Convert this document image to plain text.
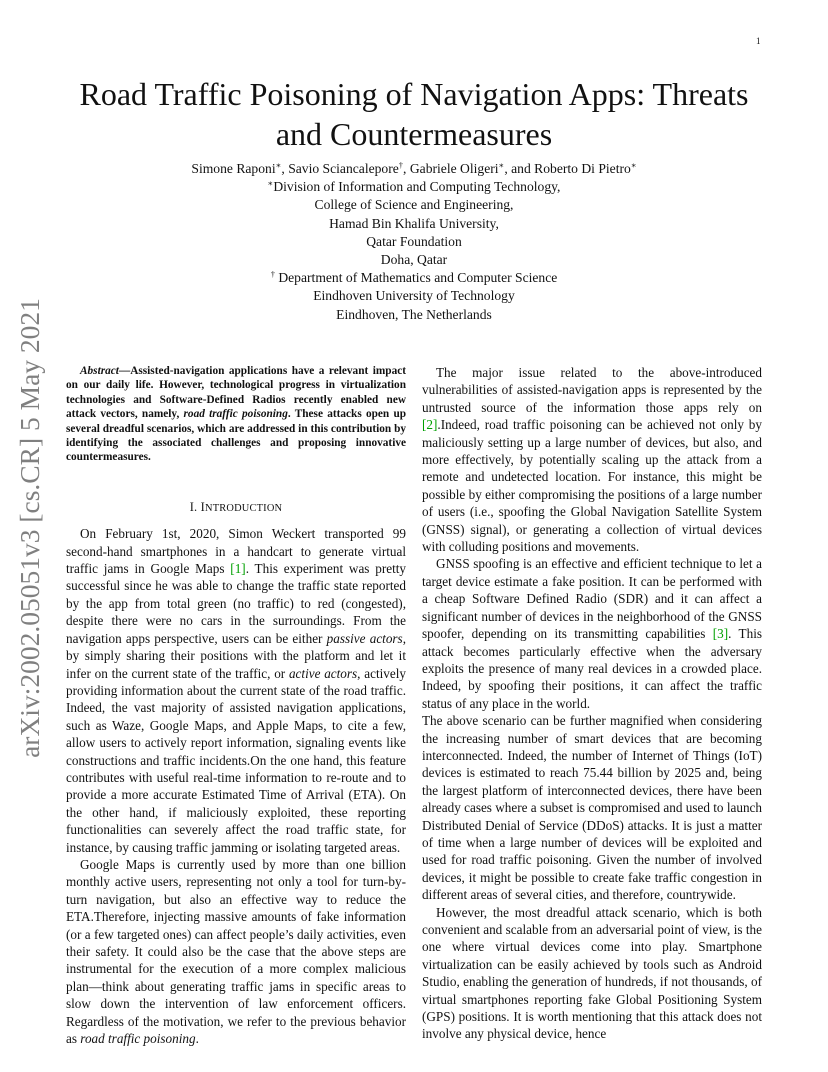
1
arXiv:2002.05051v3 [cs.CR] 5 May 2021
Road Traffic Poisoning of Navigation Apps: Threats
and Countermeasures
Simone Raponi∗, Savio Sciancalepore†, Gabriele Oligeri∗, and Roberto Di Pietro∗
∗Division of Information and Computing Technology,
College of Science and Engineering,
Hamad Bin Khalifa University,
Qatar Foundation
Doha, Qatar
† Department of Mathematics and Computer Science
Eindhoven University of Technology
Eindhoven, The Netherlands

Abstract—Assisted-navigation applications have a relevant impact on our daily life. However, technological progress in virtualization technologies and Software-Defined Radios recently enabled new attack vectors, namely, road traffic poisoning. These attacks open up several dreadful scenarios, which are addressed in this contribution by identifying the associated challenges and proposing innovative countermeasures.

I. INTRODUCTION

On February 1st, 2020, Simon Weckert transported 99 second-hand smartphones in a handcart to generate virtual traffic jams in Google Maps [1]. This experiment was pretty successful since he was able to change the traffic state reported by the app from total green (no traffic) to red (congested), despite there were no cars in the surroundings. From the navigation apps perspective, users can be either passive actors, by simply sharing their positions with the platform and let it infer on the current state of the traffic, or active actors, actively providing information about the current state of the road traffic. Indeed, the vast majority of assisted navigation applications, such as Waze, Google Maps, and Apple Maps, to cite a few, allow users to actively report information, signaling events like constructions and traffic incidents.On the one hand, this feature contributes with useful real-time information to re-route and to provide a more accurate Estimated Time of Arrival (ETA). On the other hand, if maliciously exploited, these reporting functionalities can severely affect the road traffic state, for instance, by causing traffic jamming or isolating targeted areas.

Google Maps is currently used by more than one billion monthly active users, representing not only a tool for turn-by-turn navigation, but also an effective way to reduce the ETA.Therefore, injecting massive amounts of fake information (or a few targeted ones) can affect people’s daily activities, even their safety. It could also be the case that the above steps are instrumental for the execution of a more complex malicious plan—think about generating traffic jams in specific areas to slow down the intervention of law enforcement officers. Regardless of the motivation, we refer to the previous behavior as road traffic poisoning.

The major issue related to the above-introduced vulnerabilities of assisted-navigation apps is represented by the untrusted source of the information those apps rely on [2].Indeed, road traffic poisoning can be achieved not only by maliciously setting up a large number of devices, but also, and more effectively, by potentially scaling up the attack from a remote and undetected location. For instance, this might be possible by either compromising the positions of a large number of users (i.e., spoofing the Global Navigation Satellite System (GNSS) signal), or generating a collection of virtual devices with colluding positions and movements.

GNSS spoofing is an effective and efficient technique to let a target device estimate a fake position. It can be performed with a cheap Software Defined Radio (SDR) and it can affect a significant number of devices in the neighborhood of the GNSS spoofer, depending on its transmitting capabilities [3]. This attack becomes particularly effective when the adversary exploits the presence of many real devices in a crowded place. Indeed, by spoofing their positions, it can affect the traffic status of any place in the world.

The above scenario can be further magnified when considering the increasing number of smart devices that are becoming interconnected. Indeed, the number of Internet of Things (IoT) devices is estimated to reach 75.44 billion by 2025 and, being the largest platform of interconnected devices, there have been already cases where a subset is compromised and used to launch Distributed Denial of Service (DDoS) attacks. It is just a matter of time when a large number of devices will be exploited and used for road traffic poisoning. Given the number of involved devices, it might be possible to create fake traffic congestion in different areas of several cities, and therefore, countrywide.

However, the most dreadful attack scenario, which is both convenient and scalable from an adversarial point of view, is the one where virtual devices come into play. Smartphone virtualization can be easily achieved by tools such as Android Studio, enabling the generation of hundreds, if not thousands, of virtual smartphones reporting fake Global Positioning System (GPS) positions. It is worth mentioning that this attack does not involve any physical device, hence
